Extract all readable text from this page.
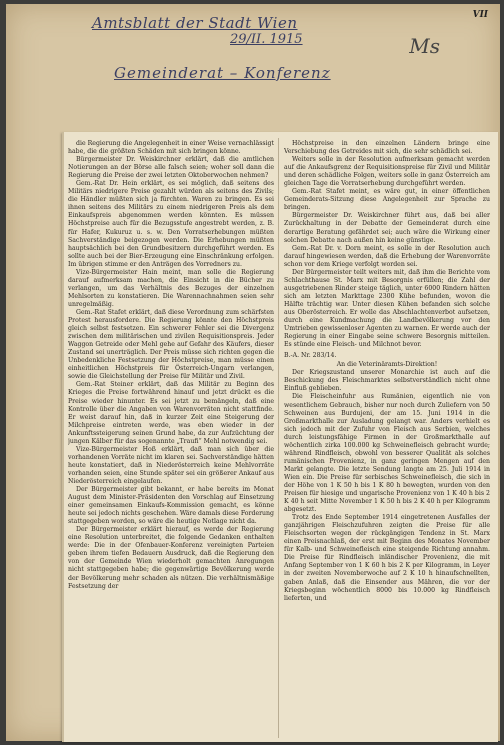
Amtsblatt der Stadt Wien
29/II. 1915
Gemeinderat – Konferenz
VII
Ms

die Regierung die Angelegenheit in einer Weise vernachlässigt habe, die die größten Schäden mit sich bringen könne.

Bürgermeister Dr. Weiskirchner erklärt, daß die amtlichen Notierungen an der Börse alle falsch seien; woher soll dann die Regierung die Preise der zwei letzten Oktoberwochen nehmen?

Gem.-Rat Dr. Hein erklärt, es sei möglich, daß seitens des Militärs niedrigere Preise gezahlt würden als seitens des Zivils; die Händler müßten sich ja fürchten. Waren zu bringen. Es sei ihnen seitens des Militärs zu einem niedrigeren Preis als dem Einkaufspreis abgenommen werden könnten. Es müssen Höchstpreise auch für die Bezugsstufe angestrebt werden, z. B. für Hafer, Kukuruz u. s. w. Den Vorratserhebungen müßten Sachverständige beigezogen werden. Die Erhebungen müßten hauptsächlich bei den Grundbesitzern durchgeführt werden. Es sollte auch bei der Bier-Erzeugung eine Einschränkung erfolgen. Im übrigen stimme er den Anträgen des Vorredners zu.

Vize-Bürgermeister Hain meint, man solle die Regierung darauf aufmerksam machen, die Einsicht in die Bücher zu verlangen, um das Verhältnis des Bezuges der einzelnen Mehlsorten zu konstatieren. Die Warennachnahmen seien sehr unregelmäßig.

Gem.-Rat Stafet erklärt, daß diese Verordnung zum schärfsten Protest herausfordere. Die Regierung könnte den Höchstpreis gleich selbst festsetzen. Ein schwerer Fehler sei die Divergenz zwischen dem militärischen und zivilen Requisitionspreis. Jeder Waggon Getreide oder Mehl gehe auf Gefahr des Käufers, dieser Zustand sei unerträglich. Der Preis müsse sich richten gegen die Unbedenkliche Festsetzung der Höchstpreise, man müsse einen einheitlichen Höchstpreis für Österreich-Ungarn verlangen, sowie die Gleichstellung der Preise für Militär und Zivil.

Gem.-Rat Steiner erklärt, daß das Militär zu Beginn des Krieges die Preise fortwährend hinauf und jetzt drückt es die Preise wieder hinunter. Es sei jetzt zu bemängeln, daß eine Kontrolle über die Angaben von Warenvorräten nicht stattfinde. Er weist darauf hin, daß in kurzer Zeit eine Steigerung der Milchpreise eintreten werde, was eben wieder in der Ankunftssteigerung seinen Grund habe, da zur Aufzüchtung der jungen Kälber für das sogenannte „Traufi“ Mehl notwendig sei.

Vize-Bürgermeister Hoß erklärt, daß man sich über die vorhandenen Vorräte nicht im klaren sei. Sachverständige hätten heute konstatiert, daß in Niederösterreich keine Mehlvorräte vorhanden seien, eine Stunde später sei ein größerer Ankauf aus Niederösterreich eingelaufen.

Der Bürgermeister gibt bekannt, er habe bereits im Monat August dem Minister-Präsidenten den Vorschlag auf Einsetzung einer gemeinsamen Einkaufs-Kommission gemacht, es könne heute sei jedoch nichts geschehen. Wäre damals diese Forderung stattgegeben worden, so wäre die heutige Notlage nicht da.

Der Bürgermeister erklärt hierauf, es werde der Regierung eine Resolution unterbreitet, die folgende Gedanken enthalten werde: Die in der Ofenbauer-Konferenz vereinigten Parteien geben ihrem tiefen Bedauern Ausdruck, daß die Regierung den von der Gemeinde Wien wiederholt gemachten Anregungen nicht stattgegeben habe; die gegenwärtige Bevölkerung werde der Bevölkerung mehr schaden als nützen. Die verhältnismäßige Festsetzung der

Höchstpreise in den einzelnen Ländern bringe eine Verschiebung des Getreides mit sich, die sehr schädlich sei.

Weiters solle in der Resolution aufmerksam gemacht werden auf die Ankaufsgrenz der Requisitionspreise für Zivil und Militär und deren schädliche Folgen, weiters solle in ganz Österreich am gleichen Tage die Vorratserhebung durchgeführt werden.

Gem.-Rat Stafet meint, es wäre gut, in einer öffentlichen Gemeinderats-Sitzung diese Angelegenheit zur Sprache zu bringen.

Bürgermeister Dr. Weiskirchner führt aus, daß bei aller Zurückhaltung in der Debatte der Gemeinderat durch eine derartige Beratung gefährdet sei; auch wäre die Wirkung einer solchen Debatte nach außen hin keine günstige.

Gem.-Rat Dr. v. Dorn meint, es solle in der Resolution auch darauf hingewiesen werden, daß die Erhebung der Warenvorräte schon vor dem Kriege verfolgt worden sei.

Der Bürgermeister teilt weiters mit, daß ihm die Berichte vom Schlachthause St. Marx mit Besorgnis erfüllen; die Zahl der ausgetriebenen Rinder steige täglich, unter 6000 Rindern hätten sich am letzten Markttage 2300 Kühe befunden, wovon die Hälfte trächtig war. Unter diesen Kühen befanden sich solche aus Oberösterreich. Er wolle das Abschlachtenverbot aufsetzen, durch eine Kundmachung die Landbevölkerung vor den Umtrieben gewissenloser Agenten zu warnen. Er werde auch der Regierung in einer Eingabe seine schwere Besorgnis mitteilen. Es stünde eine Fleisch- und Milchnot bevor.

B.-A. Nr. 283/14.

An die Veterinäramts-Direktion!

Der Kriegszustand unserer Monarchie ist auch auf die Beschickung des Fleischmarktes selbstverständlich nicht ohne Einfluß geblieben.

Die Fleischeinfuhr aus Rumänien, eigentlich nie von wesentlichem Gebrauch, bisher nur noch durch Zuliefern von 50 Schweinen aus Burdujeni, der am 15. Juni 1914 in die Großmarkthalle zur Ausladung gelangt war. Anders verhielt es sich jedoch mit der Zufuhr von Fleisch aus Serbien, welches durch leistungsfähige Firmen in der Großmarkthalle auf wöchentlich zirka 100.000 kg Schweinefleisch gebracht wurde; während Rindfleisch, obwohl von besserer Qualität als solches rumänischen Provenienz, in ganz geringen Mengen auf den Markt gelangte. Die letzte Sendung langte am 25. Juli 1914 in Wien ein. Die Preise für serbisches Schweinefleisch, die sich in der Höhe von 1 K 50 h bis 1 K 80 h bewegten, wurden von den Preisen für hiesige und ungarische Provenienz von 1 K 40 h bis 2 K 40 h seit Mitte November 1 K 50 h bis 2 K 40 h per Kilogramm abgesetzt.

Trotz des Ende September 1914 eingetretenen Ausfalles der ganzjährigen Fleischzufuhren zeigten die Preise für alle Fleischsorten wegen der rückgängigen Tendenz in St. Marx einen Preisnachlaß, der erst mit Beginn des Monates November für Kalb- und Schweinefleisch eine steigende Richtung annahm. Die Preise für Rindfleisch inländischer Provenienz, die mit Anfang September von 1 K 60 h bis 2 K per Kilogramm, in Leyer in der zweiten Novemberwoche auf 2 K 10 h hinaufschnellten, gaben Anlaß, daß die Einsender aus Mähren, die vor der Kriegsbeginn wöchentlich 8000 bis 10.000 kg Rindfleisch lieferten, und
